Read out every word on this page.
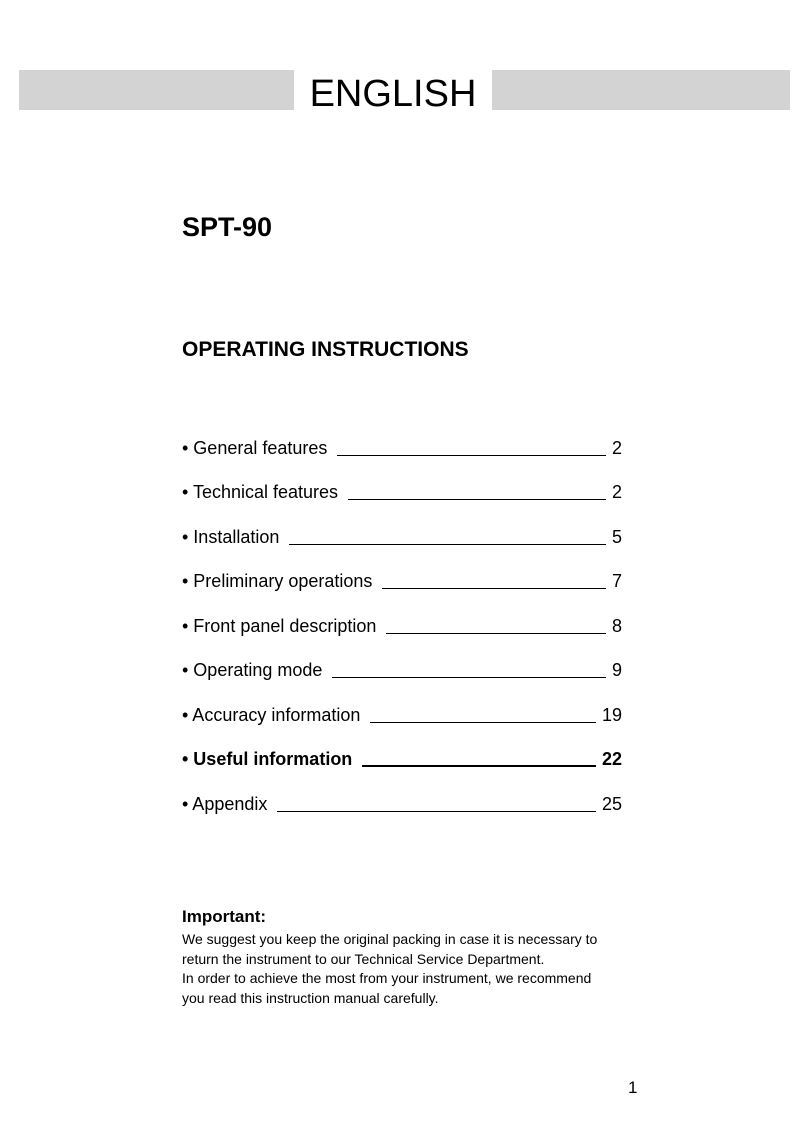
ENGLISH
SPT-90
OPERATING INSTRUCTIONS
• General features	2
• Technical features	2
• Installation	5
• Preliminary operations	7
• Front panel description	8
• Operating mode	9
• Accuracy information	19
• Useful information	22
• Appendix	25
Important:

We suggest you keep the original packing in case it is necessary to
return the instrument to our Technical Service Department.
In order to achieve the most from your instrument, we recommend
you read this instruction manual carefully.

1
